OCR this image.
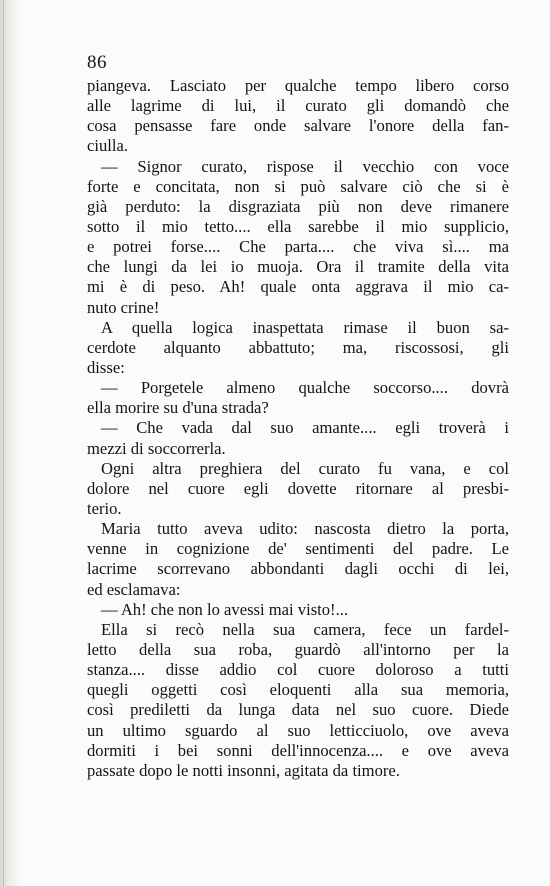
86
piangeva. Lasciato per qualche tempo libero corso
alle lagrime di lui, il curato gli domandò che
cosa pensasse fare onde salvare l'onore della fan-
ciulla.
— Signor curato, rispose il vecchio con voce
forte e concitata, non si può salvare ciò che si è
già perduto: la disgraziata più non deve rimanere
sotto il mio tetto.... ella sarebbe il mio supplicio,
e potrei forse.... Che parta.... che viva sì.... ma
che lungi da lei io muoja. Ora il tramite della vita
mi è di peso. Ah! quale onta aggrava il mio ca-
nuto crine!
A quella logica inaspettata rimase il buon sa-
cerdote alquanto abbattuto; ma, riscossosi, gli
disse:
— Porgetele almeno qualche soccorso.... dovrà
ella morire su d'una strada?
— Che vada dal suo amante.... egli troverà i
mezzi di soccorrerla.
Ogni altra preghiera del curato fu vana, e col
dolore nel cuore egli dovette ritornare al presbi-
terio.
Maria tutto aveva udito: nascosta dietro la porta,
venne in cognizione de' sentimenti del padre. Le
lacrime scorrevano abbondanti dagli occhi di lei,
ed esclamava:
— Ah! che non lo avessi mai visto!...
Ella si recò nella sua camera, fece un fardel-
letto della sua roba, guardò all'intorno per la
stanza.... disse addio col cuore doloroso a tutti
quegli oggetti così eloquenti alla sua memoria,
così prediletti da lunga data nel suo cuore. Diede
un ultimo sguardo al suo letticciuolo, ove aveva
dormiti i bei sonni dell'innocenza.... e ove aveva
passate dopo le notti insonni, agitata da timore.
